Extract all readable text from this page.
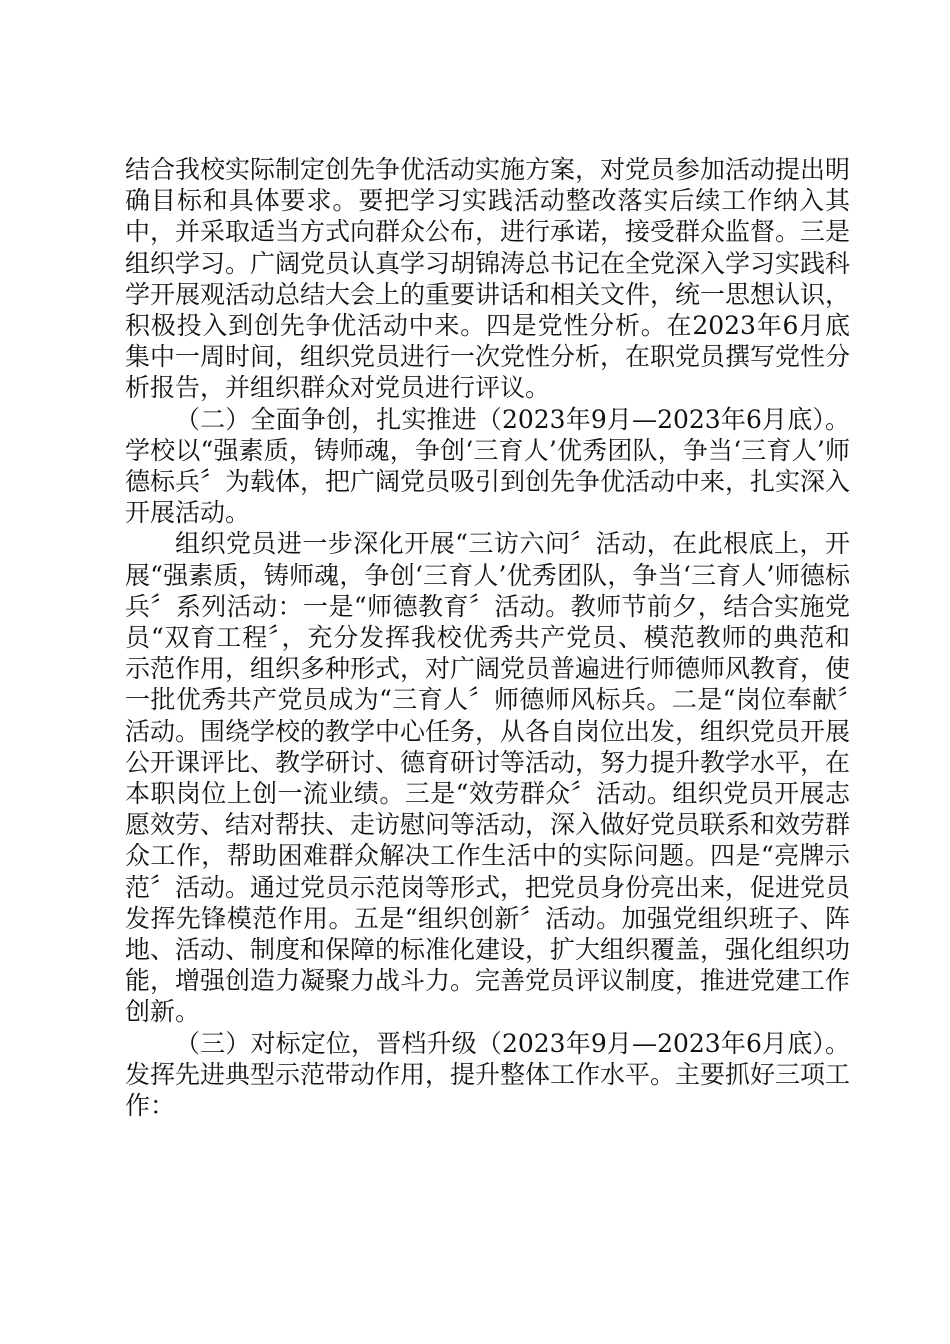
结合我校实际制定创先争优活动实施方案，对党员参加活动提出明确目标和具体要求。要把学习实践活动整改落实后续工作纳入其中，并采取适当方式向群众公布，进行承诺，接受群众监督。三是组织学习。广阔党员认真学习胡锦涛总书记在全党深入学习实践科学开展观活动总结大会上的重要讲话和相关文件，统一思想认识，积极投入到创先争优活动中来。四是党性分析。在2023年6月底集中一周时间，组织党员进行一次党性分析，在职党员撰写党性分析报告，并组织群众对党员进行评议。

（二）全面争创，扎实推进（2023年9月—2023年6月底）。学校以“强素质，铸师魂，争创‘三育人’优秀团队，争当‘三育人’师德标兵〞为载体，把广阔党员吸引到创先争优活动中来，扎实深入开展活动。

组织党员进一步深化开展“三访六问〞活动，在此根底上，开展“强素质，铸师魂，争创‘三育人’优秀团队，争当‘三育人’师德标兵〞系列活动：一是“师德教育〞活动。教师节前夕，结合实施党员“双育工程〞，充分发挥我校优秀共产党员、模范教师的典范和示范作用，组织多种形式，对广阔党员普遍进行师德师风教育，使一批优秀共产党员成为“三育人〞师德师风标兵。二是“岗位奉献〞活动。围绕学校的教学中心任务，从各自岗位出发，组织党员开展公开课评比、教学研讨、德育研讨等活动，努力提升教学水平，在本职岗位上创一流业绩。三是“效劳群众〞活动。组织党员开展志愿效劳、结对帮扶、走访慰问等活动，深入做好党员联系和效劳群众工作，帮助困难群众解决工作生活中的实际问题。四是“亮牌示范〞活动。通过党员示范岗等形式，把党员身份亮出来，促进党员发挥先锋模范作用。五是“组织创新〞活动。加强党组织班子、阵地、活动、制度和保障的标准化建设，扩大组织覆盖，强化组织功能，增强创造力凝聚力战斗力。完善党员评议制度，推进党建工作创新。

（三）对标定位，晋档升级（2023年9月—2023年6月底）。发挥先进典型示范带动作用，提升整体工作水平。主要抓好三项工作：
